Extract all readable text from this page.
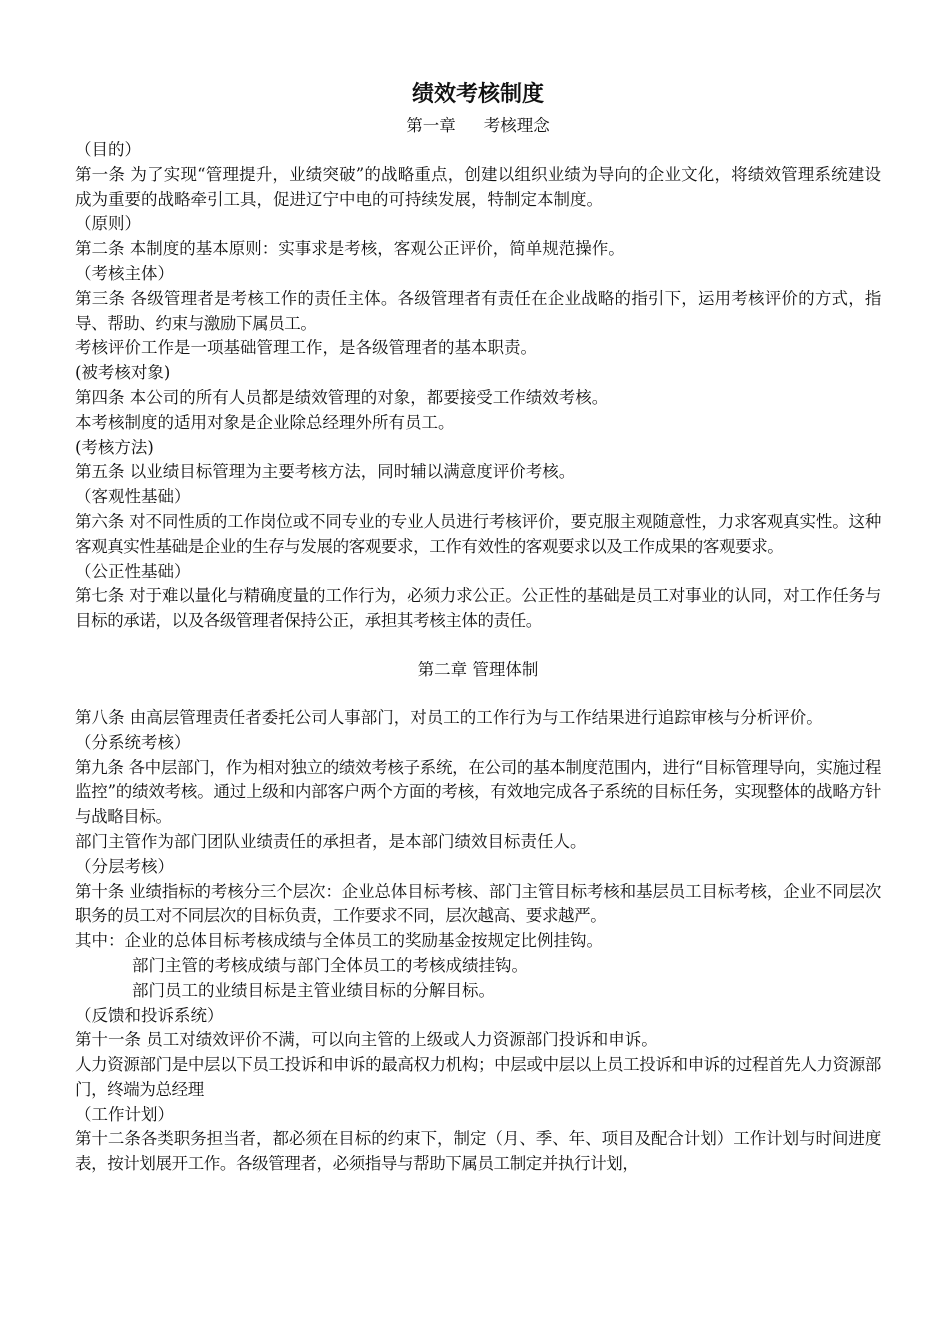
绩效考核制度

第一章 考核理念

（目的）

第一条 为了实现“管理提升，业绩突破”的战略重点，创建以组织业绩为导向的企业文化，将绩效管理系统建设成为重要的战略牵引工具，促进辽宁中电的可持续发展，特制定本制度。

（原则）

第二条 本制度的基本原则：实事求是考核，客观公正评价，简单规范操作。

（考核主体）

第三条 各级管理者是考核工作的责任主体。各级管理者有责任在企业战略的指引下，运用考核评价的方式，指导、帮助、约束与激励下属员工。

考核评价工作是一项基础管理工作，是各级管理者的基本职责。

(被考核对象)

第四条 本公司的所有人员都是绩效管理的对象，都要接受工作绩效考核。

本考核制度的适用对象是企业除总经理外所有员工。

(考核方法)

第五条 以业绩目标管理为主要考核方法，同时辅以满意度评价考核。

（客观性基础）

第六条 对不同性质的工作岗位或不同专业的专业人员进行考核评价，要克服主观随意性，力求客观真实性。这种客观真实性基础是企业的生存与发展的客观要求，工作有效性的客观要求以及工作成果的客观要求。

（公正性基础）

第七条 对于难以量化与精确度量的工作行为，必须力求公正。公正性的基础是员工对事业的认同，对工作任务与目标的承诺，以及各级管理者保持公正，承担其考核主体的责任。

第二章 管理体制

第八条 由高层管理责任者委托公司人事部门，对员工的工作行为与工作结果进行追踪审核与分析评价。

（分系统考核）

第九条 各中层部门，作为相对独立的绩效考核子系统，在公司的基本制度范围内，进行“目标管理导向，实施过程监控”的绩效考核。通过上级和内部客户两个方面的考核，有效地完成各子系统的目标任务，实现整体的战略方针与战略目标。

部门主管作为部门团队业绩责任的承担者，是本部门绩效目标责任人。

（分层考核）

第十条 业绩指标的考核分三个层次：企业总体目标考核、部门主管目标考核和基层员工目标考核，企业不同层次职务的员工对不同层次的目标负责，工作要求不同，层次越高、要求越严。

其中：企业的总体目标考核成绩与全体员工的奖励基金按规定比例挂钩。

部门主管的考核成绩与部门全体员工的考核成绩挂钩。

部门员工的业绩目标是主管业绩目标的分解目标。

（反馈和投诉系统）

第十一条 员工对绩效评价不满，可以向主管的上级或人力资源部门投诉和申诉。

人力资源部门是中层以下员工投诉和申诉的最高权力机构；中层或中层以上员工投诉和申诉的过程首先人力资源部门，终端为总经理

（工作计划）

第十二条各类职务担当者，都必须在目标的约束下，制定（月、季、年、项目及配合计划）工作计划与时间进度表，按计划展开工作。各级管理者，必须指导与帮助下属员工制定并执行计划，
